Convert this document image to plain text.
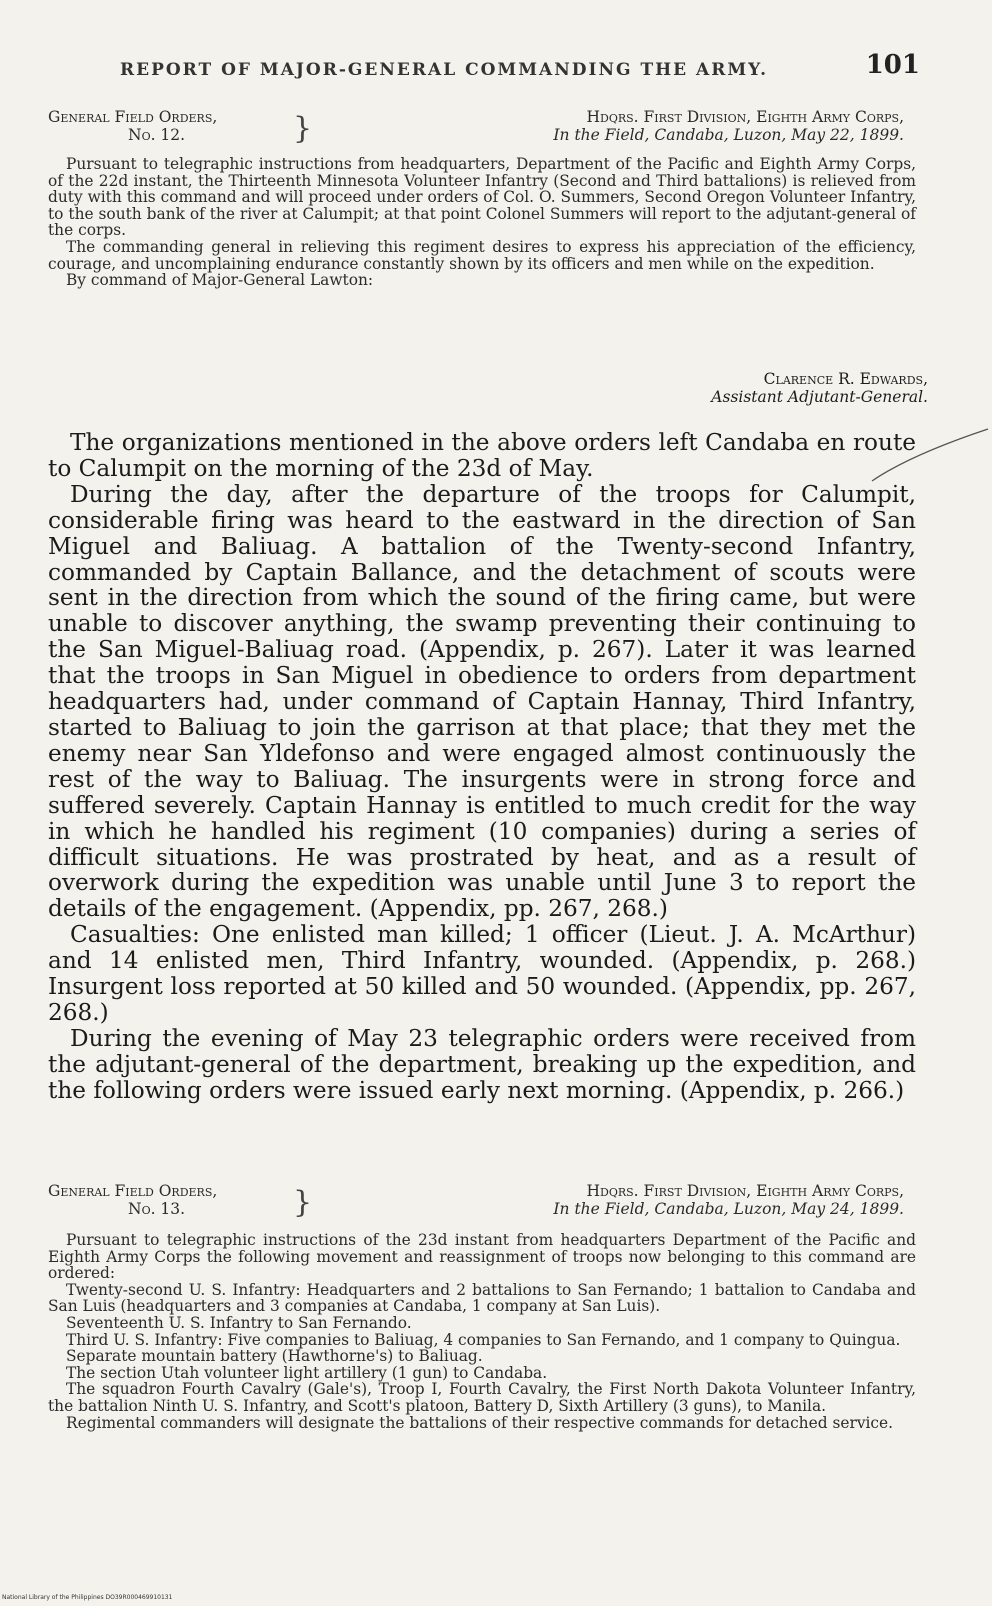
REPORT OF MAJOR-GENERAL COMMANDING THE ARMY.	101
General Field Orders,
No. 12.	}	Hdqrs. First Division, Eighth Army Corps,
In the Field, Candaba, Luzon, May 22, 1899.

Pursuant to telegraphic instructions from headquarters, Department of the Pacific and Eighth Army Corps, of the 22d instant, the Thirteenth Minnesota Volunteer Infantry (Second and Third battalions) is relieved from duty with this command and will proceed under orders of Col. O. Summers, Second Oregon Volunteer Infantry, to the south bank of the river at Calumpit; at that point Colonel Summers will report to the adjutant-general of the corps.

The commanding general in relieving this regiment desires to express his appreciation of the efficiency, courage, and uncomplaining endurance constantly shown by its officers and men while on the expedition.

By command of Major-General Lawton:

Clarence R. Edwards,
Assistant Adjutant-General.

The organizations mentioned in the above orders left Candaba en route to Calumpit on the morning of the 23d of May.

During the day, after the departure of the troops for Calumpit, considerable firing was heard to the eastward in the direction of San Miguel and Baliuag. A battalion of the Twenty-second Infantry, commanded by Captain Ballance, and the detachment of scouts were sent in the direction from which the sound of the firing came, but were unable to discover anything, the swamp preventing their continuing to the San Miguel-Baliuag road. (Appendix, p. 267). Later it was learned that the troops in San Miguel in obedience to orders from department headquarters had, under command of Captain Hannay, Third Infantry, started to Baliuag to join the garrison at that place; that they met the enemy near San Yldefonso and were engaged almost continuously the rest of the way to Baliuag. The insurgents were in strong force and suffered severely. Captain Hannay is entitled to much credit for the way in which he handled his regiment (10 companies) during a series of difficult situations. He was prostrated by heat, and as a result of overwork during the expedition was unable until June 3 to report the details of the engagement. (Appendix, pp. 267, 268.)

Casualties: One enlisted man killed; 1 officer (Lieut. J. A. McArthur) and 14 enlisted men, Third Infantry, wounded. (Appendix, p. 268.) Insurgent loss reported at 50 killed and 50 wounded. (Appendix, pp. 267, 268.)

During the evening of May 23 telegraphic orders were received from the adjutant-general of the department, breaking up the expedition, and the following orders were issued early next morning. (Appendix, p. 266.)

General Field Orders,
No. 13.	}	Hdqrs. First Division, Eighth Army Corps,
In the Field, Candaba, Luzon, May 24, 1899.

Pursuant to telegraphic instructions of the 23d instant from headquarters Department of the Pacific and Eighth Army Corps the following movement and reassignment of troops now belonging to this command are ordered:

Twenty-second U. S. Infantry: Headquarters and 2 battalions to San Fernando; 1 battalion to Candaba and San Luis (headquarters and 3 companies at Candaba, 1 company at San Luis).

Seventeenth U. S. Infantry to San Fernando.

Third U. S. Infantry: Five companies to Baliuag, 4 companies to San Fernando, and 1 company to Quingua.

Separate mountain battery (Hawthorne's) to Baliuag.

The section Utah volunteer light artillery (1 gun) to Candaba.

The squadron Fourth Cavalry (Gale's), Troop I, Fourth Cavalry, the First North Dakota Volunteer Infantry, the battalion Ninth U. S. Infantry, and Scott's platoon, Battery D, Sixth Artillery (3 guns), to Manila.

Regimental commanders will designate the battalions of their respective commands for detached service.

National Library of the Philippines DO39R000469910131
